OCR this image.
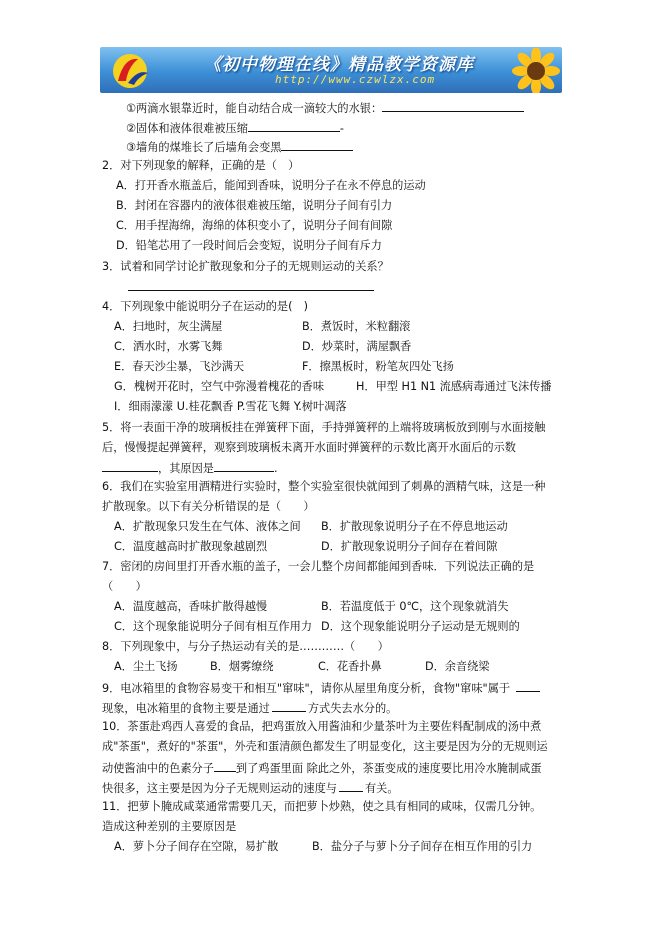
《初中物理在线》精品教学资源库
http://www.czwlzx.com
①两滴水银靠近时，能自动结合成一滴较大的水银：
②固体和液体很难被压缩	-
③墙角的煤堆长了后墙角会变黑
2．对下列现象的解释，正确的是（　）
A．打开香水瓶盖后，能闻到香味，说明分子在永不停息的运动
B．封闭在容器内的液体很难被压缩，说明分子间有引力
C．用手捏海绵，海绵的体积变小了，说明分子间有间隙
D．铅笔芯用了一段时间后会变短，说明分子间有斥力
3．试着和同学讨论扩散现象和分子的无规则运动的关系？
4．下列现象中能说明分子在运动的是(　)
A．扫地时，灰尘满屋	B．煮饭时，米粒翻滚
C．洒水时，水雾飞舞	D．炒菜时，满屋飘香
E．春天沙尘暴，飞沙满天	F．擦黑板时，粉笔灰四处飞扬
G．槐树开花时，空气中弥漫着槐花的香味	H．甲型 H1 N1 流感病毒通过飞沫传播
I．细雨濛濛 U.桂花飘香 P.雪花飞舞 Y.树叶凋落
5．将一表面干净的玻璃板挂在弹簧秤下面，手持弹簧秤的上端将玻璃板放到刚与水面接触
后，慢慢提起弹簧秤，观察到玻璃板未离开水面时弹簧秤的示数比离开水面后的示数
，其原因是	.
6．我们在实验室用酒精进行实验时，整个实验室很快就闻到了刺鼻的酒精气味，这是一种
扩散现象。以下有关分析错误的是（　　）
A．扩散现象只发生在气体、液体之间 B．扩散现象说明分子在不停息地运动
C．温度越高时扩散现象越剧烈	D．扩散现象说明分子间存在着间隙
7．密闭的房间里打开香水瓶的盖子，一会儿整个房间都能闻到香味．下列说法正确的是
（　　）
A．温度越高，香味扩散得越慢	B．若温度低于 0℃，这个现象就消失
C．这个现象能说明分子间有相互作用力 D．这个现象能说明分子运动是无规则的
8．下列现象中，与分子热运动有关的是…………（　　）
A．尘土飞扬	B．烟雾缭绕	C．花香扑鼻	D．余音绕梁
9．电冰箱里的食物容易变干和相互"窜味"，请你从屋里角度分析，食物"窜味"属于
现象，电冰箱里的食物主要是通过	方式失去水分的。
10．茶蛋赴鸡西人喜爱的食品，把鸡蛋放入用酱油和少量茶叶为主要佐料配制成的汤中煮
成"茶蛋"，煮好的"茶蛋"，外壳和蛋清颜色都发生了明显变化，这主要是因为分的无规则运
动使酱油中的色素分子 到了鸡蛋里面 除此之外，茶蛋变成的速度要比用冷水腌制咸蛋
快很多，这主要是因为分子无规则运动的速度与	有关。
11．把萝卜腌成咸菜通常需要几天，而把萝卜炒熟，使之具有相同的咸味，仅需几分钟。
造成这种差别的主要原因是
A．萝卜分子间存在空隙，易扩散	B．盐分子与萝卜分子间存在相互作用的引力
